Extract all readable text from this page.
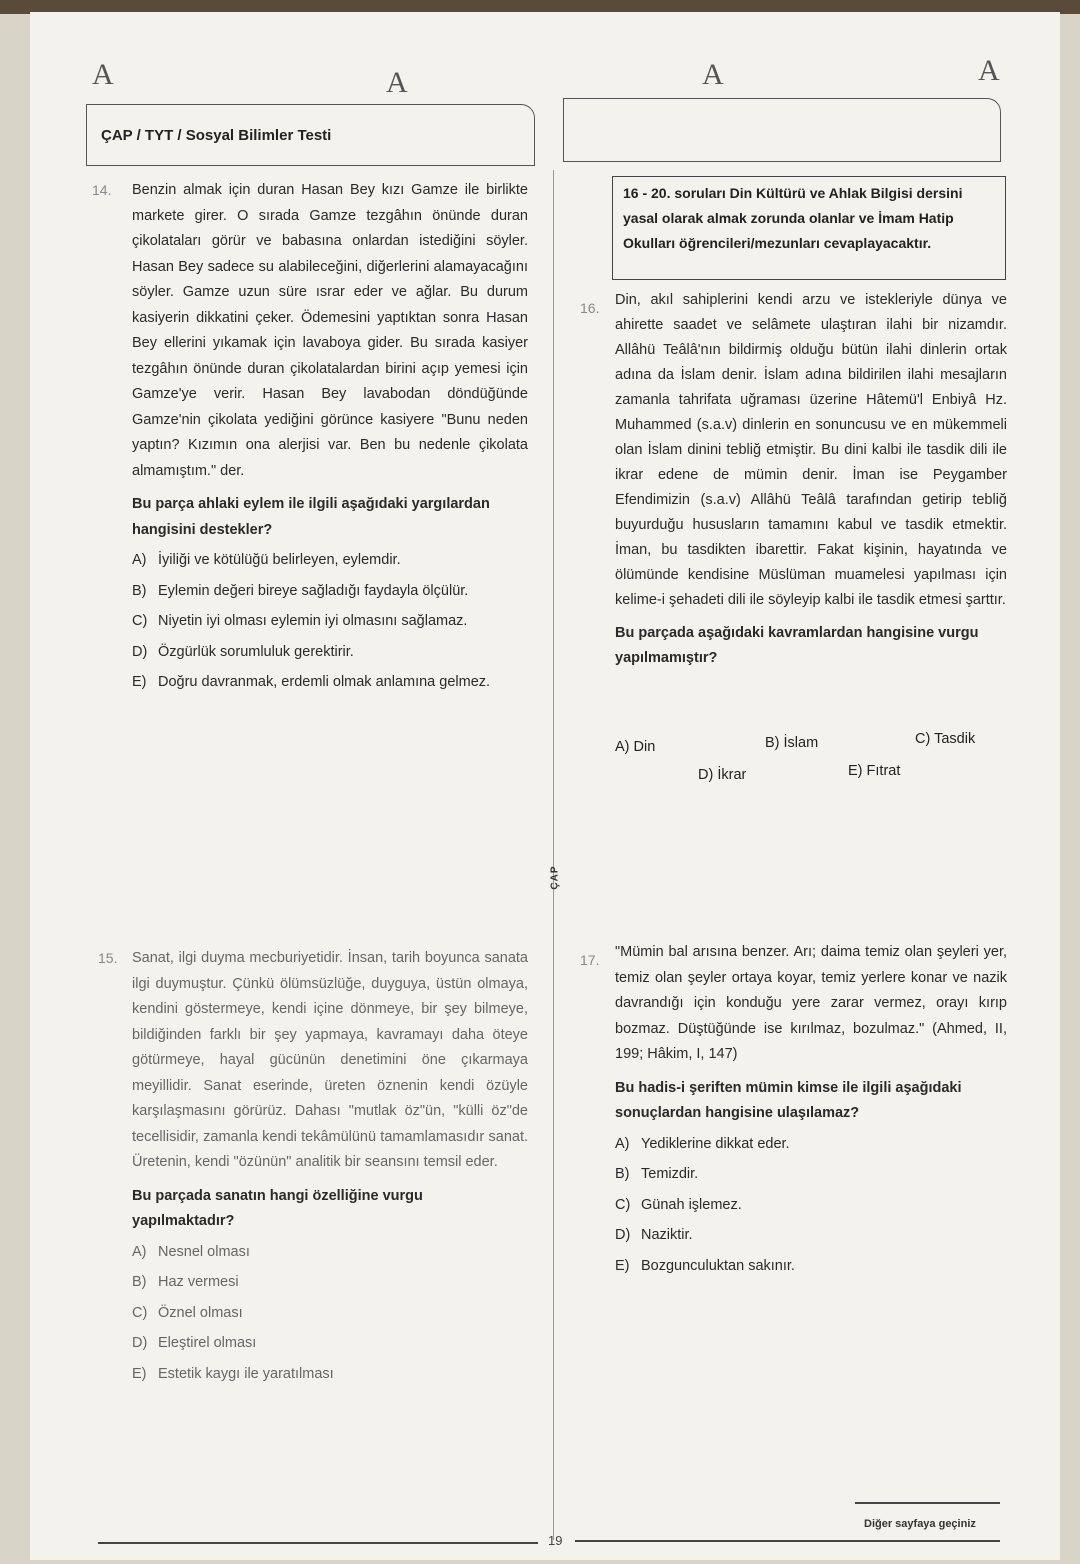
A	A	A	A
ÇAP / TYT / Sosyal Bilimler Testi
ÇAP
14. Benzin almak için duran Hasan Bey kızı Gamze ile birlikte markete girer. O sırada Gamze tezgâhın önünde duran çikolataları görür ve babasına onlardan istediğini söyler. Hasan Bey sadece su alabileceğini, diğerlerini alamayacağını söyler. Gamze uzun süre ısrar eder ve ağlar. Bu durum kasiyerin dikkatini çeker. Ödemesini yaptıktan sonra Hasan Bey ellerini yıkamak için lavaboya gider. Bu sırada kasiyer tezgâhın önünde duran çikolatalardan birini açıp yemesi için Gamze'ye verir. Hasan Bey lavabodan döndüğünde Gamze'nin çikolata yediğini görünce kasiyere "Bunu neden yaptın? Kızımın ona alerjisi var. Ben bu nedenle çikolata almamıştım." der.
Bu parça ahlaki eylem ile ilgili aşağıdaki yargılardan hangisini destekler?
A) İyiliği ve kötülüğü belirleyen, eylemdir.
B) Eylemin değeri bireye sağladığı faydayla ölçülür.
C) Niyetin iyi olması eylemin iyi olmasını sağlamaz.
D) Özgürlük sorumluluk gerektirir.
E) Doğru davranmak, erdemli olmak anlamına gelmez.
15. Sanat, ilgi duyma mecburiyetidir. İnsan, tarih boyunca sanata ilgi duymuştur. Çünkü ölümsüzlüğe, duyguya, üstün olmaya, kendini göstermeye, kendi içine dönmeye, bir şey bilmeye, bildiğinden farklı bir şey yapmaya, kavramayı daha öteye götürmeye, hayal gücünün denetimini öne çıkarmaya meyillidir. Sanat eserinde, üreten öznenin kendi özüyle karşılaşmasını görürüz. Dahası "mutlak öz"ün, "külli öz"de tecellisidir, zamanla kendi tekâmülünü tamamlamasıdır sanat. Üretenin, kendi "özünün" analitik bir seansını temsil eder.
Bu parçada sanatın hangi özelliğine vurgu yapılmaktadır?
A) Nesnel olması
B) Haz vermesi
C) Öznel olması
D) Eleştirel olması
E) Estetik kaygı ile yaratılması
16 - 20. soruları Din Kültürü ve Ahlak Bilgisi dersini yasal olarak almak zorunda olanlar ve İmam Hatip Okulları öğrencileri/mezunları cevaplayacaktır.
16. Din, akıl sahiplerini kendi arzu ve istekleriyle dünya ve ahirette saadet ve selâmete ulaştıran ilahi bir nizamdır. Allâhü Teâlâ'nın bildirmiş olduğu bütün ilahi dinlerin ortak adına da İslam denir. İslam adına bildirilen ilahi mesajların zamanla tahrifata uğraması üzerine Hâtemü'l Enbiyâ Hz. Muhammed (s.a.v) dinlerin en sonuncusu ve en mükemmeli olan İslam dinini tebliğ etmiştir. Bu dini kalbi ile tasdik dili ile ikrar edene de mümin denir. İman ise Peygamber Efendimizin (s.a.v) Allâhü Teâlâ tarafından getirip tebliğ buyurduğu hususların tamamını kabul ve tasdik etmektir. İman, bu tasdikten ibarettir. Fakat kişinin, hayatında ve ölümünde kendisine Müslüman muamelesi yapılması için kelime-i şehadeti dili ile söyleyip kalbi ile tasdik etmesi şarttır.
Bu parçada aşağıdaki kavramlardan hangisine vurgu yapılmamıştır?
A) Din	B) İslam	C) Tasdik
D) İkrar	E) Fıtrat
17. "Mümin bal arısına benzer. Arı; daima temiz olan şeyleri yer, temiz olan şeyler ortaya koyar, temiz yerlere konar ve nazik davrandığı için konduğu yere zarar vermez, orayı kırıp bozmaz. Düştüğünde ise kırılmaz, bozulmaz." (Ahmed, II, 199; Hâkim, I, 147)
Bu hadis-i şeriften mümin kimse ile ilgili aşağıdaki sonuçlardan hangisine ulaşılamaz?
A) Yediklerine dikkat eder.
B) Temizdir.
C) Günah işlemez.
D) Naziktir.
E) Bozgunculuktan sakınır.
19
Diğer sayfaya geçiniz
